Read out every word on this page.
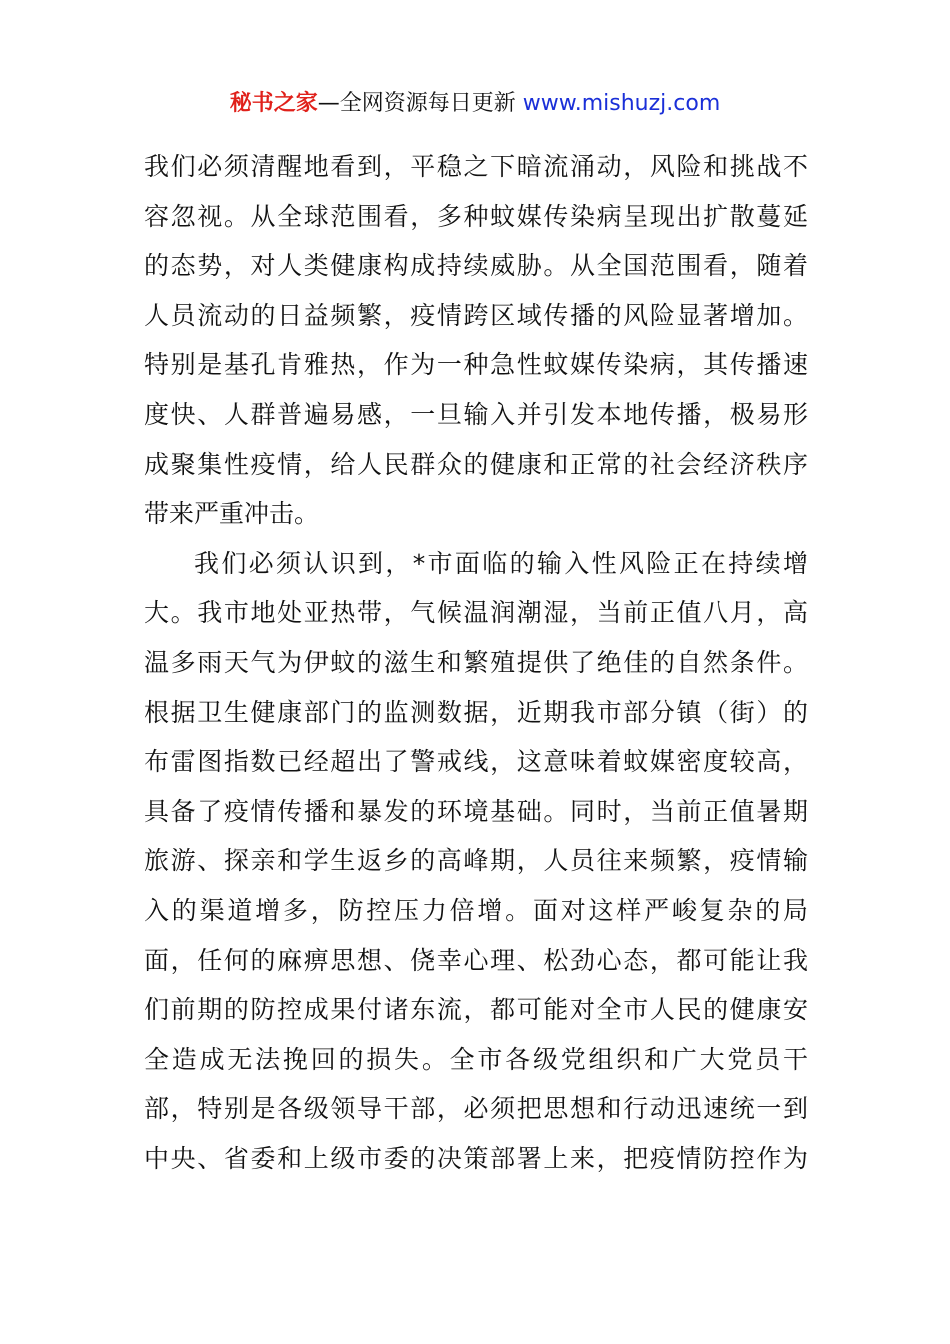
秘书之家—全网资源每日更新 www.mishuzj.com
我们必须清醒地看到，平稳之下暗流涌动，风险和挑战不
容忽视。从全球范围看，多种蚊媒传染病呈现出扩散蔓延
的态势，对人类健康构成持续威胁。从全国范围看，随着
人员流动的日益频繁，疫情跨区域传播的风险显著增加。
特别是基孔肯雅热，作为一种急性蚊媒传染病，其传播速
度快、人群普遍易感，一旦输入并引发本地传播，极易形
成聚集性疫情，给人民群众的健康和正常的社会经济秩序
带来严重冲击。
我们必须认识到，*市面临的输入性风险正在持续增
大。我市地处亚热带，气候温润潮湿，当前正值八月，高
温多雨天气为伊蚊的滋生和繁殖提供了绝佳的自然条件。
根据卫生健康部门的监测数据，近期我市部分镇（街）的
布雷图指数已经超出了警戒线，这意味着蚊媒密度较高，
具备了疫情传播和暴发的环境基础。同时，当前正值暑期
旅游、探亲和学生返乡的高峰期，人员往来频繁，疫情输
入的渠道增多，防控压力倍增。面对这样严峻复杂的局
面，任何的麻痹思想、侥幸心理、松劲心态，都可能让我
们前期的防控成果付诸东流，都可能对全市人民的健康安
全造成无法挽回的损失。全市各级党组织和广大党员干
部，特别是各级领导干部，必须把思想和行动迅速统一到
中央、省委和上级市委的决策部署上来，把疫情防控作为
